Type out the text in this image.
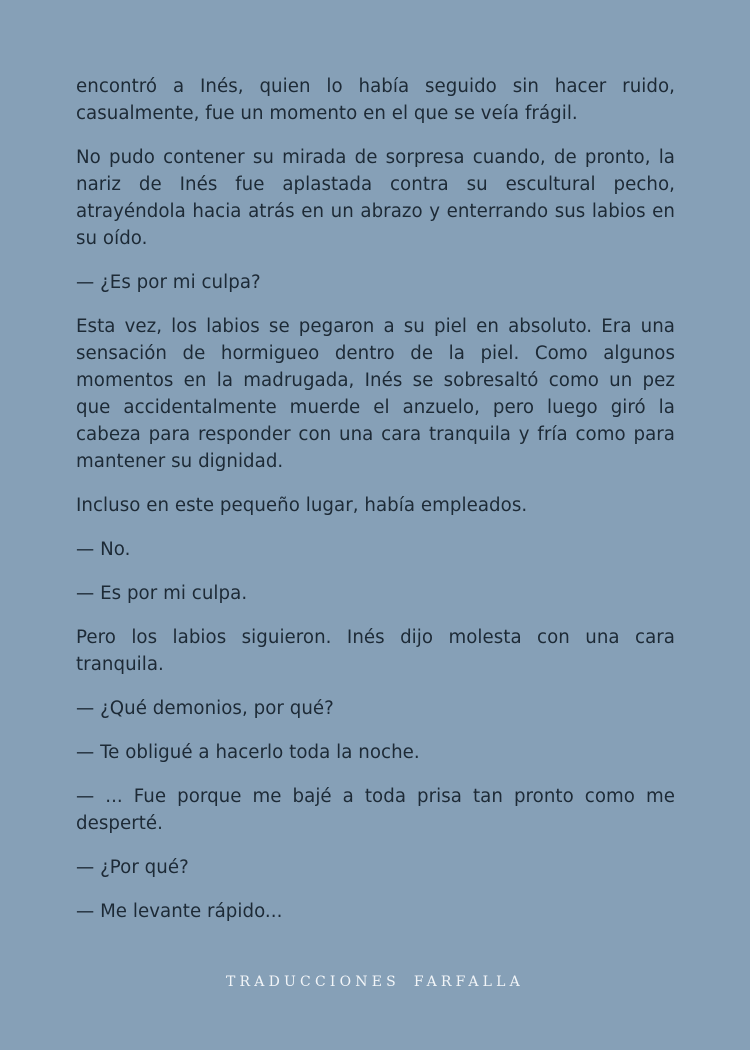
encontró a Inés, quien lo había seguido sin hacer ruido, casualmente, fue un momento en el que se veía frágil.

No pudo contener su mirada de sorpresa cuando, de pronto, la nariz de Inés fue aplastada contra su escultural pecho, atrayéndola hacia atrás en un abrazo y enterrando sus labios en su oído.

— ¿Es por mi culpa?

Esta vez, los labios se pegaron a su piel en absoluto. Era una sensación de hormigueo dentro de la piel. Como algunos momentos en la madrugada, Inés se sobresaltó como un pez que accidentalmente muerde el anzuelo, pero luego giró la cabeza para responder con una cara tranquila y fría como para mantener su dignidad.

Incluso en este pequeño lugar, había empleados.

— No.

— Es por mi culpa.

Pero los labios siguieron. Inés dijo molesta con una cara tranquila.

— ¿Qué demonios, por qué?

— Te obligué a hacerlo toda la noche.

— ... Fue porque me bajé a toda prisa tan pronto como me desperté.

— ¿Por qué?

— Me levante rápido...

TRADUCCIONES FARFALLA
